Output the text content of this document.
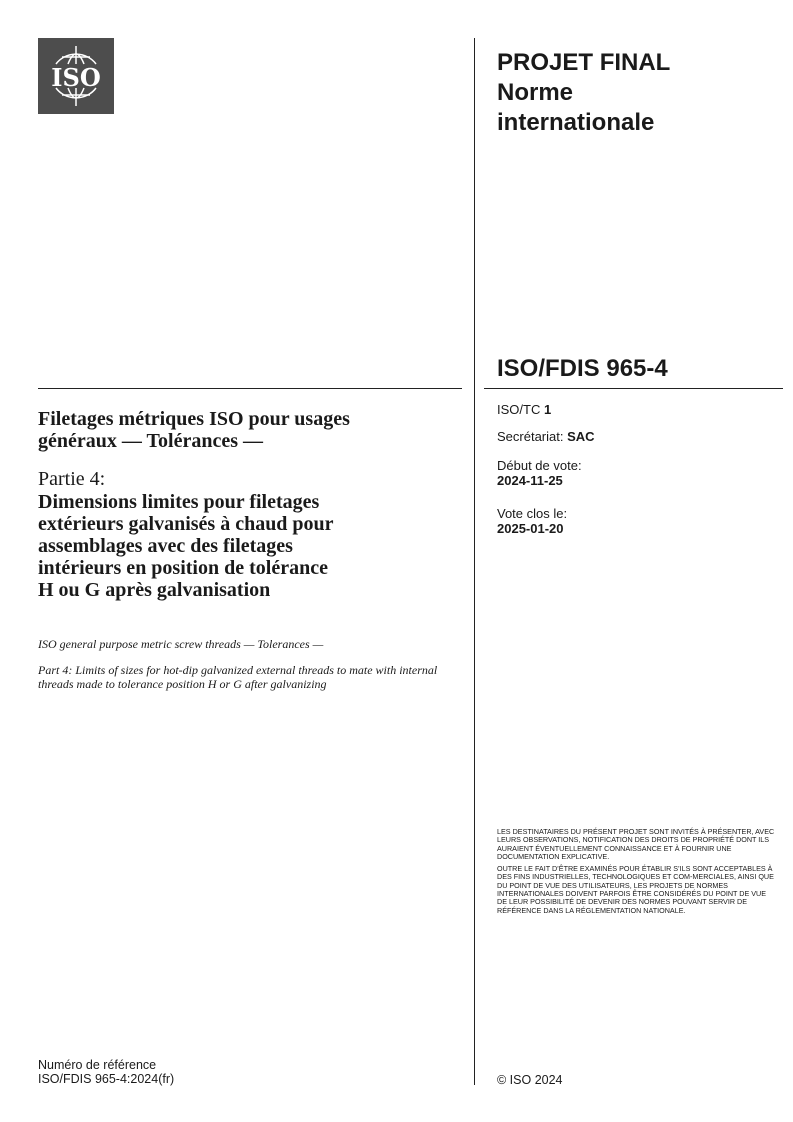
ISO
PROJET FINAL
Norme
internationale
ISO/FDIS 965-4
ISO/TC 1
Secrétariat: SAC
Début de vote:
2024-11-25
Vote clos le:
2025-01-20
Filetages métriques ISO pour usages
généraux — Tolérances —
Partie 4:
Dimensions limites pour filetages
extérieurs galvanisés à chaud pour
assemblages avec des filetages
intérieurs en position de tolérance
H ou G après galvanisation
ISO general purpose metric screw threads — Tolerances —
Part 4: Limits of sizes for hot-dip galvanized external threads to mate with internal threads made to tolerance position H or G after galvanizing

LES DESTINATAIRES DU PRÉSENT PROJET SONT INVITÉS À PRÉSENTER, AVEC LEURS OBSERVATIONS, NOTIFICATION DES DROITS DE PROPRIÉTÉ DONT ILS AURAIENT ÉVENTUELLEMENT CONNAISSANCE ET À FOURNIR UNE DOCUMENTATION EXPLICATIVE.

OUTRE LE FAIT D’ÊTRE EXAMINÉS POUR ÉTABLIR S’ILS SONT ACCEPTABLES À DES FINS INDUSTRIELLES, TECHNOLOGIQUES ET COM-MERCIALES, AINSI QUE DU POINT DE VUE DES UTILISATEURS, LES PROJETS DE NORMES INTERNATIONALES DOIVENT PARFOIS ÊTRE CONSIDÉRÉS DU POINT DE VUE DE LEUR POSSIBILITÉ DE DEVENIR DES NORMES POUVANT SERVIR DE RÉFÉRENCE DANS LA RÉGLEMENTATION NATIONALE.

Numéro de référence
ISO/FDIS 965-4:2024(fr)	© ISO 2024
